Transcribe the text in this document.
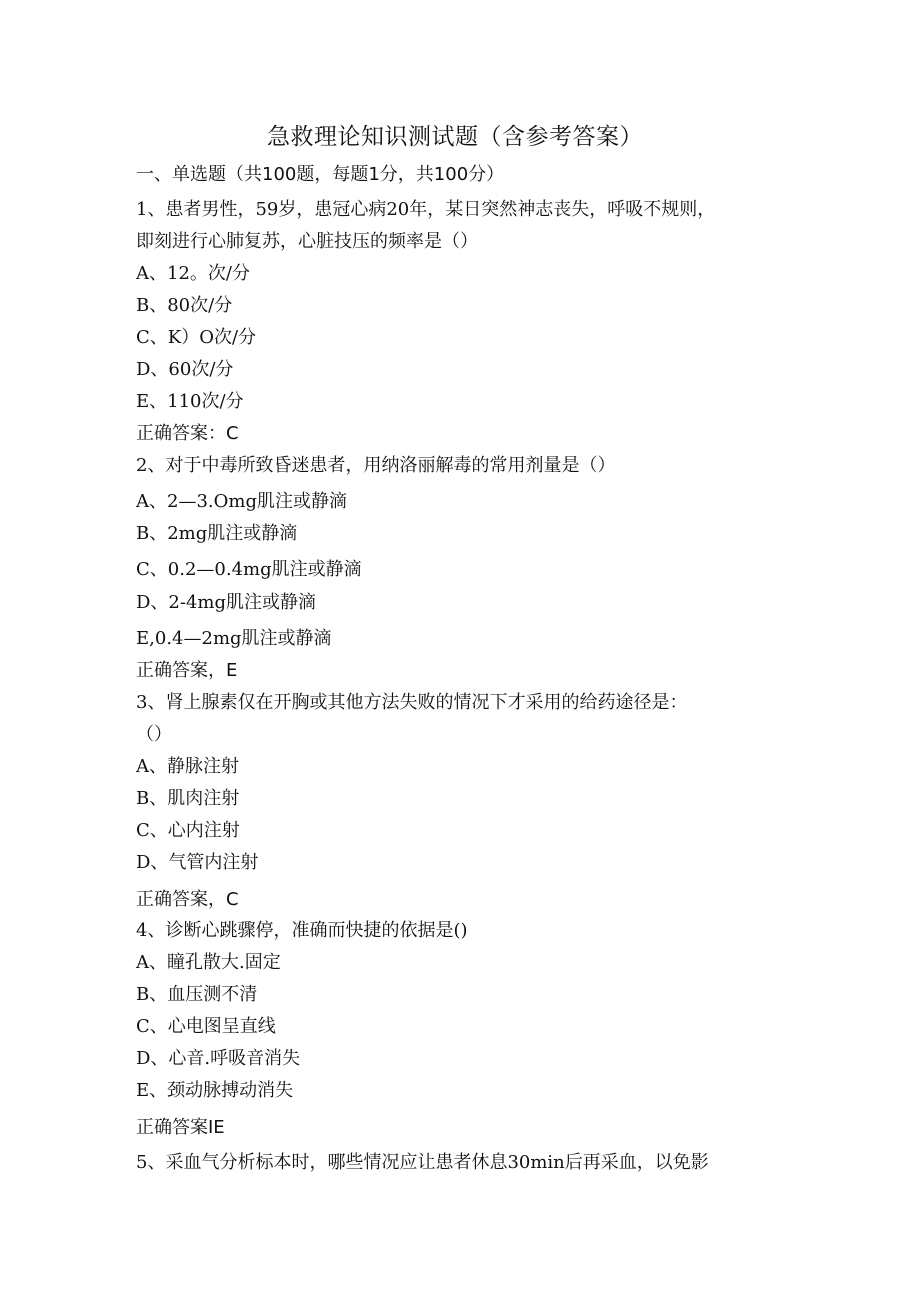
急救理论知识测试题（含参考答案）
一、单选题（共100题，每题1分，共100分）
1、患者男性，59岁，患冠心病20年，某日突然神志丧失，呼吸不规则，
即刻进行心肺复苏，心脏技压的频率是（）
A、12。次/分
B、80次/分
C、K）O次/分
D、60次/分
E、110次/分
正确答案：C
2、对于中毒所致昏迷患者，用纳洛丽解毒的常用剂量是（）
A、2—3.Omg肌注或静滴
B、2mg肌注或静滴
C、0.2—0.4mg肌注或静滴
D、2-4mg肌注或静滴
E,0.4—2mg肌注或静滴
正确答案，E
3、肾上腺素仅在开胸或其他方法失败的情况下才采用的给药途径是：
（）
A、静脉注射
B、肌肉注射
C、心内注射
D、气管内注射
正确答案，C
4、诊断心跳骤停，准确而快捷的依据是()
A、瞳孔散大.固定
B、血压测不清
C、心电图呈直线
D、心音.呼吸音消失
E、颈动脉搏动消失
正确答案IE
5、采血气分析标本时，哪些情况应让患者休息30min后再采血，以免影
